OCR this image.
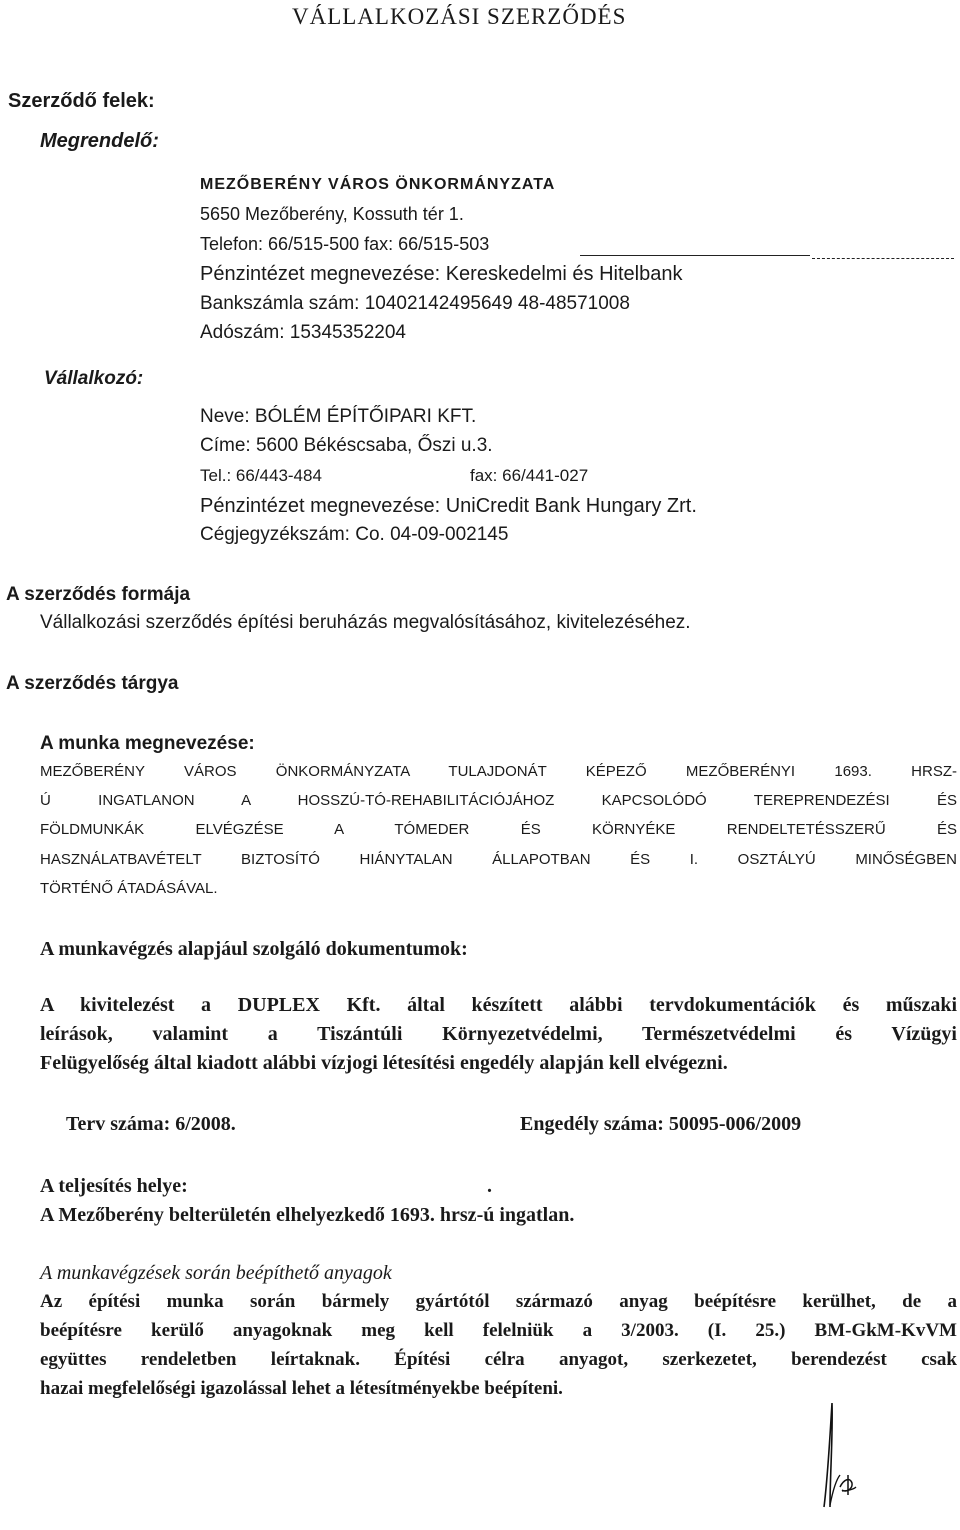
VÁLLALKOZÁSI SZERZŐDÉS
Szerződő felek:
Megrendelő:
MEZŐBERÉNY VÁROS ÖNKORMÁNYZATA
5650 Mezőberény, Kossuth tér 1.
Telefon: 66/515-500 fax: 66/515-503
Pénzintézet megnevezése: Kereskedelmi és Hitelbank
Bankszámla szám: 10402142495649 48-48571008
Adószám: 15345352204
Vállalkozó:
Neve: BÓLÉM ÉPÍTŐIPARI KFT.
Címe: 5600 Békéscsaba, Őszi u.3.
Tel.: 66/443-484	fax: 66/441-027
Pénzintézet megnevezése: UniCredit Bank Hungary Zrt.
Cégjegyzékszám: Co. 04-09-002145
A szerződés formája
Vállalkozási szerződés építési beruházás megvalósításához, kivitelezéséhez.
A szerződés tárgya
A munka megnevezése:
MEZŐBERÉNY VÁROS ÖNKORMÁNYZATA TULAJDONÁT KÉPEZŐ MEZŐBERÉNYI 1693. HRSZ-
Ú INGATLANON A HOSSZÚ-TÓ-REHABILITÁCIÓJÁHOZ KAPCSOLÓDÓ TEREPRENDEZÉSI ÉS
FÖLDMUNKÁK ELVÉGZÉSE A TÓMEDER ÉS KÖRNYÉKE RENDELTETÉSSZERŰ ÉS
HASZNÁLATBAVÉTELT BIZTOSÍTÓ HIÁNYTALAN ÁLLAPOTBAN ÉS I. OSZTÁLYÚ MINŐSÉGBEN
TÖRTÉNŐ ÁTADÁSÁVAL.
A munkavégzés alapjául szolgáló dokumentumok:
A kivitelezést a DUPLEX Kft. által készített alábbi tervdokumentációk és műszaki
leírások, valamint a Tiszántúli Környezetvédelmi, Természetvédelmi és Vízügyi
Felügyelőség által kiadott alábbi vízjogi létesítési engedély alapján kell elvégezni.
Terv száma: 6/2008.	Engedély száma: 50095-006/2009
A teljesítés helye:	.
A Mezőberény belterületén elhelyezkedő 1693. hrsz-ú ingatlan.
A munkavégzések során beépíthető anyagok
Az építési munka során bármely gyártótól származó anyag beépítésre kerülhet, de a
beépítésre kerülő anyagoknak meg kell felelniük a 3/2003. (I. 25.) BM-GkM-KvVM
együttes rendeletben leírtaknak. Építési célra anyagot, szerkezetet, berendezést csak
hazai megfelelőségi igazolással lehet a létesítményekbe beépíteni.
